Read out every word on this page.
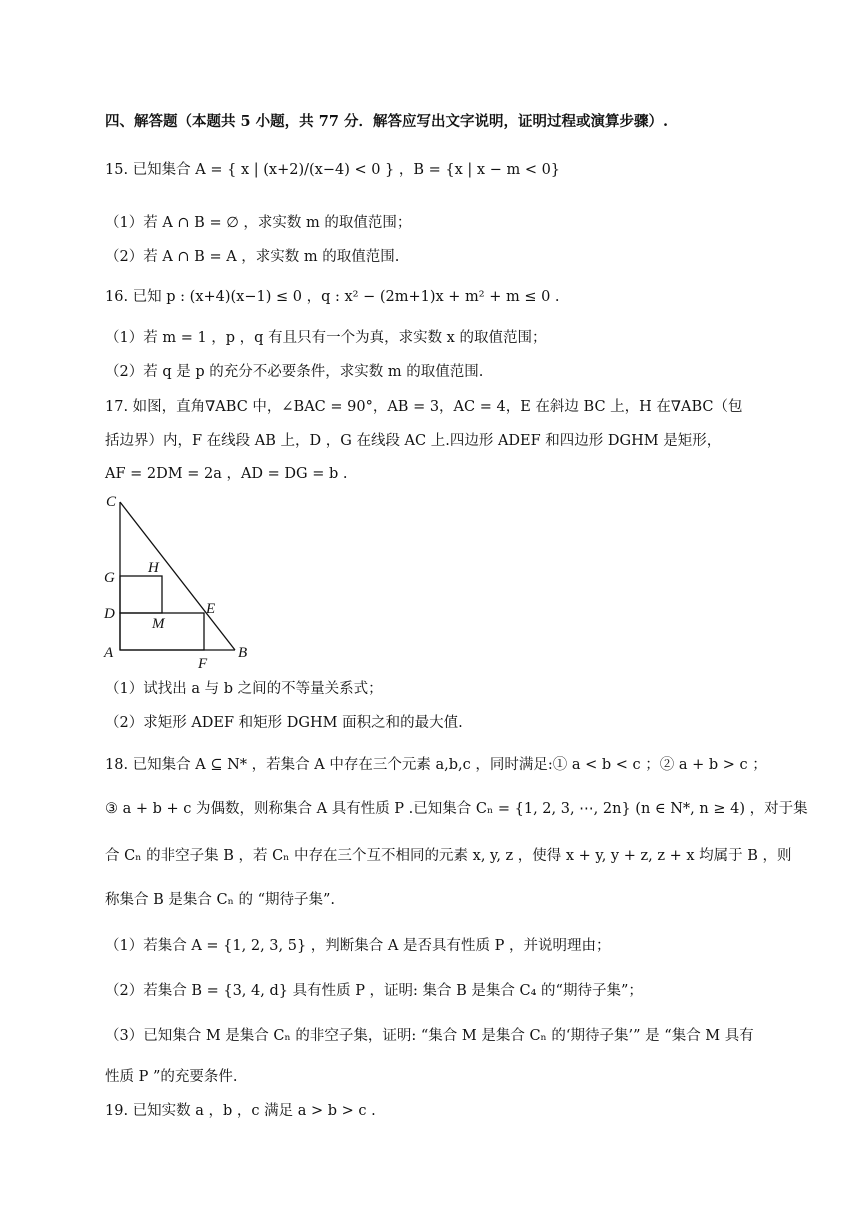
四、解答题（本题共 5 小题，共 77 分．解答应写出文字说明，证明过程或演算步骤）.
15. 已知集合 A = { x | (x+2)/(x−4) < 0 } ，B = {x | x − m < 0}
（1）若 A ∩ B = ∅ ，求实数 m 的取值范围；
（2）若 A ∩ B = A ，求实数 m 的取值范围.
16. 已知 p : (x+4)(x−1) ≤ 0 ，q : x² − (2m+1)x + m² + m ≤ 0 .
（1）若 m = 1 ，p ，q 有且只有一个为真，求实数 x 的取值范围；
（2）若 q 是 p 的充分不必要条件，求实数 m 的取值范围.
17. 如图，直角∇ABC 中，∠BAC = 90°，AB = 3，AC = 4，E 在斜边 BC 上，H 在∇ABC（包
括边界）内，F 在线段 AB 上，D ，G 在线段 AC 上.四边形 ADEF 和四边形 DGHM 是矩形，
AF = 2DM = 2a ，AD = DG = b .
C
H
G
D	E
M
A
F
B
（1）试找出 a 与 b 之间的不等量关系式；
（2）求矩形 ADEF 和矩形 DGHM 面积之和的最大值.
18. 已知集合 A ⊆ N* ，若集合 A 中存在三个元素 a,b,c ，同时满足:① a < b < c ；② a + b > c ；
③ a + b + c 为偶数，则称集合 A 具有性质 P .已知集合 Cₙ = {1, 2, 3, ⋯, 2n} (n ∈ N*, n ≥ 4) ，对于集
合 Cₙ 的非空子集 B ，若 Cₙ 中存在三个互不相同的元素 x, y, z ，使得 x + y, y + z, z + x 均属于 B ，则
称集合 B 是集合 Cₙ 的 “期待子集”.
（1）若集合 A = {1, 2, 3, 5} ，判断集合 A 是否具有性质 P ，并说明理由；
（2）若集合 B = {3, 4, d} 具有性质 P ，证明: 集合 B 是集合 C₄ 的“期待子集”；
（3）已知集合 M 是集合 Cₙ 的非空子集，证明: “集合 M 是集合 Cₙ 的‘期待子集’” 是 “集合 M 具有
性质 P ”的充要条件.
19. 已知实数 a ，b ，c 满足 a > b > c .
